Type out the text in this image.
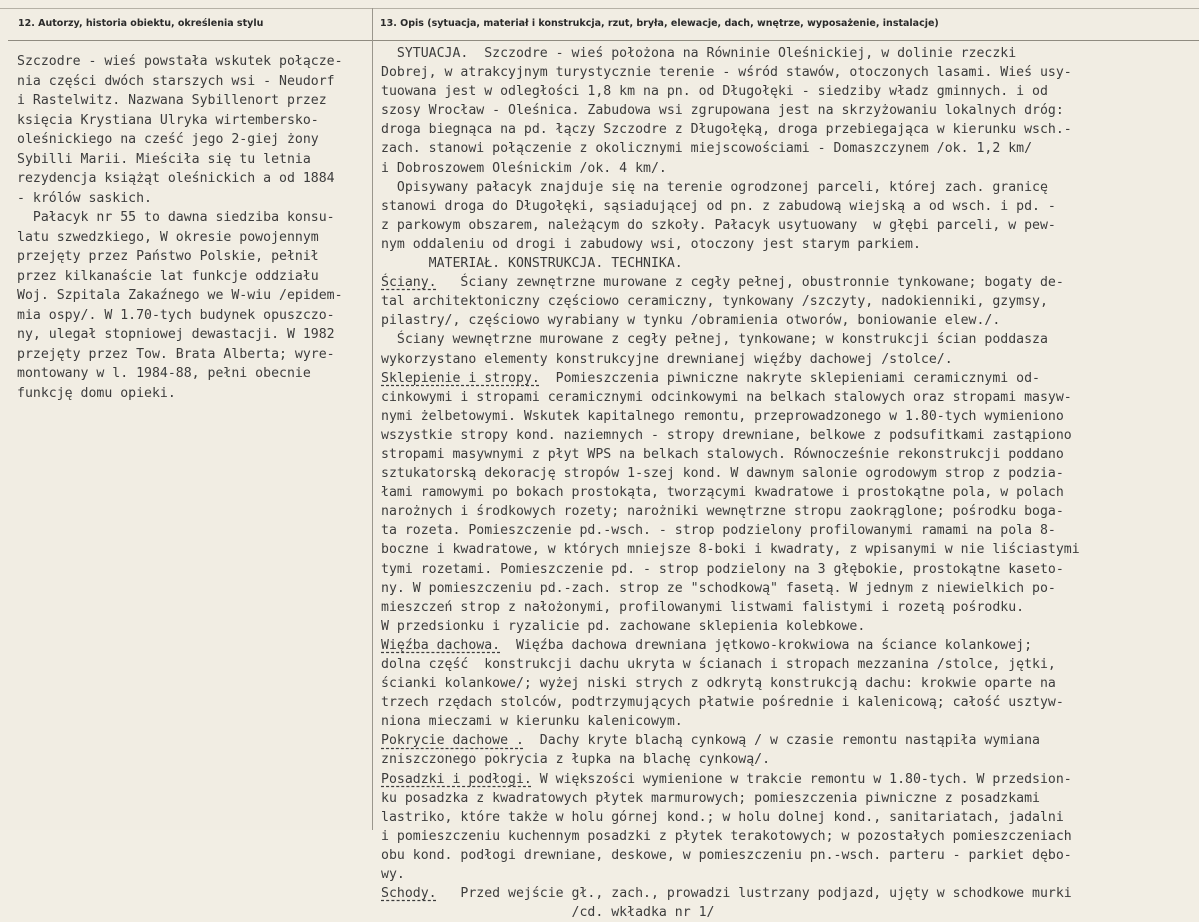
12. Autorzy, historia obiektu, określenia stylu	13. Opis (sytuacja, materiał i konstrukcja, rzut, bryła, elewacje, dach, wnętrze, wyposażenie, instalacje)
Szczodre - wieś powstała wskutek połącze-
nia części dwóch starszych wsi - Neudorf
i Rastelwitz. Nazwana Sybillenort przez
księcia Krystiana Ulryka wirtembersko-
oleśnickiego na cześć jego 2-giej żony
Sybilli Marii. Mieściła się tu letnia
rezydencja książąt oleśnickich a od 1884
- królów saskich.
Pałacyk nr 55 to dawna siedziba konsu-
latu szwedzkiego, W okresie powojennym
przejęty przez Państwo Polskie, pełnił
przez kilkanaście lat funkcje oddziału
Woj. Szpitala Zakaźnego we W-wiu /epidem-
mia ospy/. W 1.70-tych budynek opuszczo-
ny, ulegał stopniowej dewastacji. W 1982
przejęty przez Tow. Brata Alberta; wyre-
montowany w l. 1984-88, pełni obecnie
funkcję domu opieki.
SYTUACJA.  Szczodre - wieś położona na Równinie Oleśnickiej, w dolinie rzeczki
Dobrej, w atrakcyjnym turystycznie terenie - wśród stawów, otoczonych lasami. Wieś usy-
tuowana jest w odległości 1,8 km na pn. od Długołęki - siedziby władz gminnych. i od
szosy Wrocław - Oleśnica. Zabudowa wsi zgrupowana jest na skrzyżowaniu lokalnych dróg:
droga biegnąca na pd. łączy Szczodre z Długołęką, droga przebiegająca w kierunku wsch.-
zach. stanowi połączenie z okolicznymi miejscowościami - Domaszczynem /ok. 1,2 km/
i Dobroszowem Oleśnickim /ok. 4 km/.
Opisywany pałacyk znajduje się na terenie ogrodzonej parceli, której zach. granicę
stanowi droga do Długołęki, sąsiadującej od pn. z zabudową wiejską a od wsch. i pd. -
z parkowym obszarem, należącym do szkoły. Pałacyk usytuowany  w głębi parceli, w pew-
nym oddaleniu od drogi i zabudowy wsi, otoczony jest starym parkiem.
MATERIAŁ. KONSTRUKCJA. TECHNIKA.
Ściany.   Ściany zewnętrzne murowane z cegły pełnej, obustronnie tynkowane; bogaty de-
tal architektoniczny częściowo ceramiczny, tynkowany /szczyty, nadokienniki, gzymsy,
pilastry/, częściowo wyrabiany w tynku /obramienia otworów, boniowanie elew./.
Ściany wewnętrzne murowane z cegły pełnej, tynkowane; w konstrukcji ścian poddasza
wykorzystano elementy konstrukcyjne drewnianej więźby dachowej /stolce/.
Sklepienie i stropy.  Pomieszczenia piwniczne nakryte sklepieniami ceramicznymi od-
cinkowymi i stropami ceramicznymi odcinkowymi na belkach stalowych oraz stropami masyw-
nymi żelbetowymi. Wskutek kapitalnego remontu, przeprowadzonego w 1.80-tych wymieniono
wszystkie stropy kond. naziemnych - stropy drewniane, belkowe z podsufitkami zastąpiono
stropami masywnymi z płyt WPS na belkach stalowych. Równocześnie rekonstrukcji poddano
sztukatorską dekorację stropów 1-szej kond. W dawnym salonie ogrodowym strop z podzia-
łami ramowymi po bokach prostokąta, tworzącymi kwadratowe i prostokątne pola, w polach
narożnych i środkowych rozety; narożniki wewnętrzne stropu zaokrąglone; pośrodku boga-
ta rozeta. Pomieszczenie pd.-wsch. - strop podzielony profilowanymi ramami na pola 8-
boczne i kwadratowe, w których mniejsze 8-boki i kwadraty, z wpisanymi w nie liściastymi
tymi rozetami. Pomieszczenie pd. - strop podzielony na 3 głębokie, prostokątne kaseto-
ny. W pomieszczeniu pd.-zach. strop ze "schodkową" fasetą. W jednym z niewielkich po-
mieszczeń strop z nałożonymi, profilowanymi listwami falistymi i rozetą pośrodku.
W przedsionku i ryzalicie pd. zachowane sklepienia kolebkowe.
Więźba dachowa.  Więźba dachowa drewniana jętkowo-krokwiowa na ściance kolankowej;
dolna część  konstrukcji dachu ukryta w ścianach i stropach mezzanina /stolce, jętki,
ścianki kolankowe/; wyżej niski strych z odkrytą konstrukcją dachu: krokwie oparte na
trzech rzędach stolców, podtrzymujących płatwie pośrednie i kalenicową; całość usztyw-
niona mieczami w kierunku kalenicowym.
Pokrycie dachowe .  Dachy kryte blachą cynkową / w czasie remontu nastąpiła wymiana
zniszczonego pokrycia z łupka na blachę cynkową/.
Posadzki i podłogi. W większości wymienione w trakcie remontu w 1.80-tych. W przedsion-
ku posadzka z kwadratowych płytek marmurowych; pomieszczenia piwniczne z posadzkami
lastriko, które także w holu górnej kond.; w holu dolnej kond., sanitariatach, jadalni
i pomieszczeniu kuchennym posadzki z płytek terakotowych; w pozostałych pomieszczeniach
obu kond. podłogi drewniane, deskowe, w pomieszczeniu pn.-wsch. parteru - parkiet dębo-
wy.
Schody.   Przed wejście gł., zach., prowadzi lustrzany podjazd, ujęty w schodkowe murki
/cd. wkładka nr 1/
